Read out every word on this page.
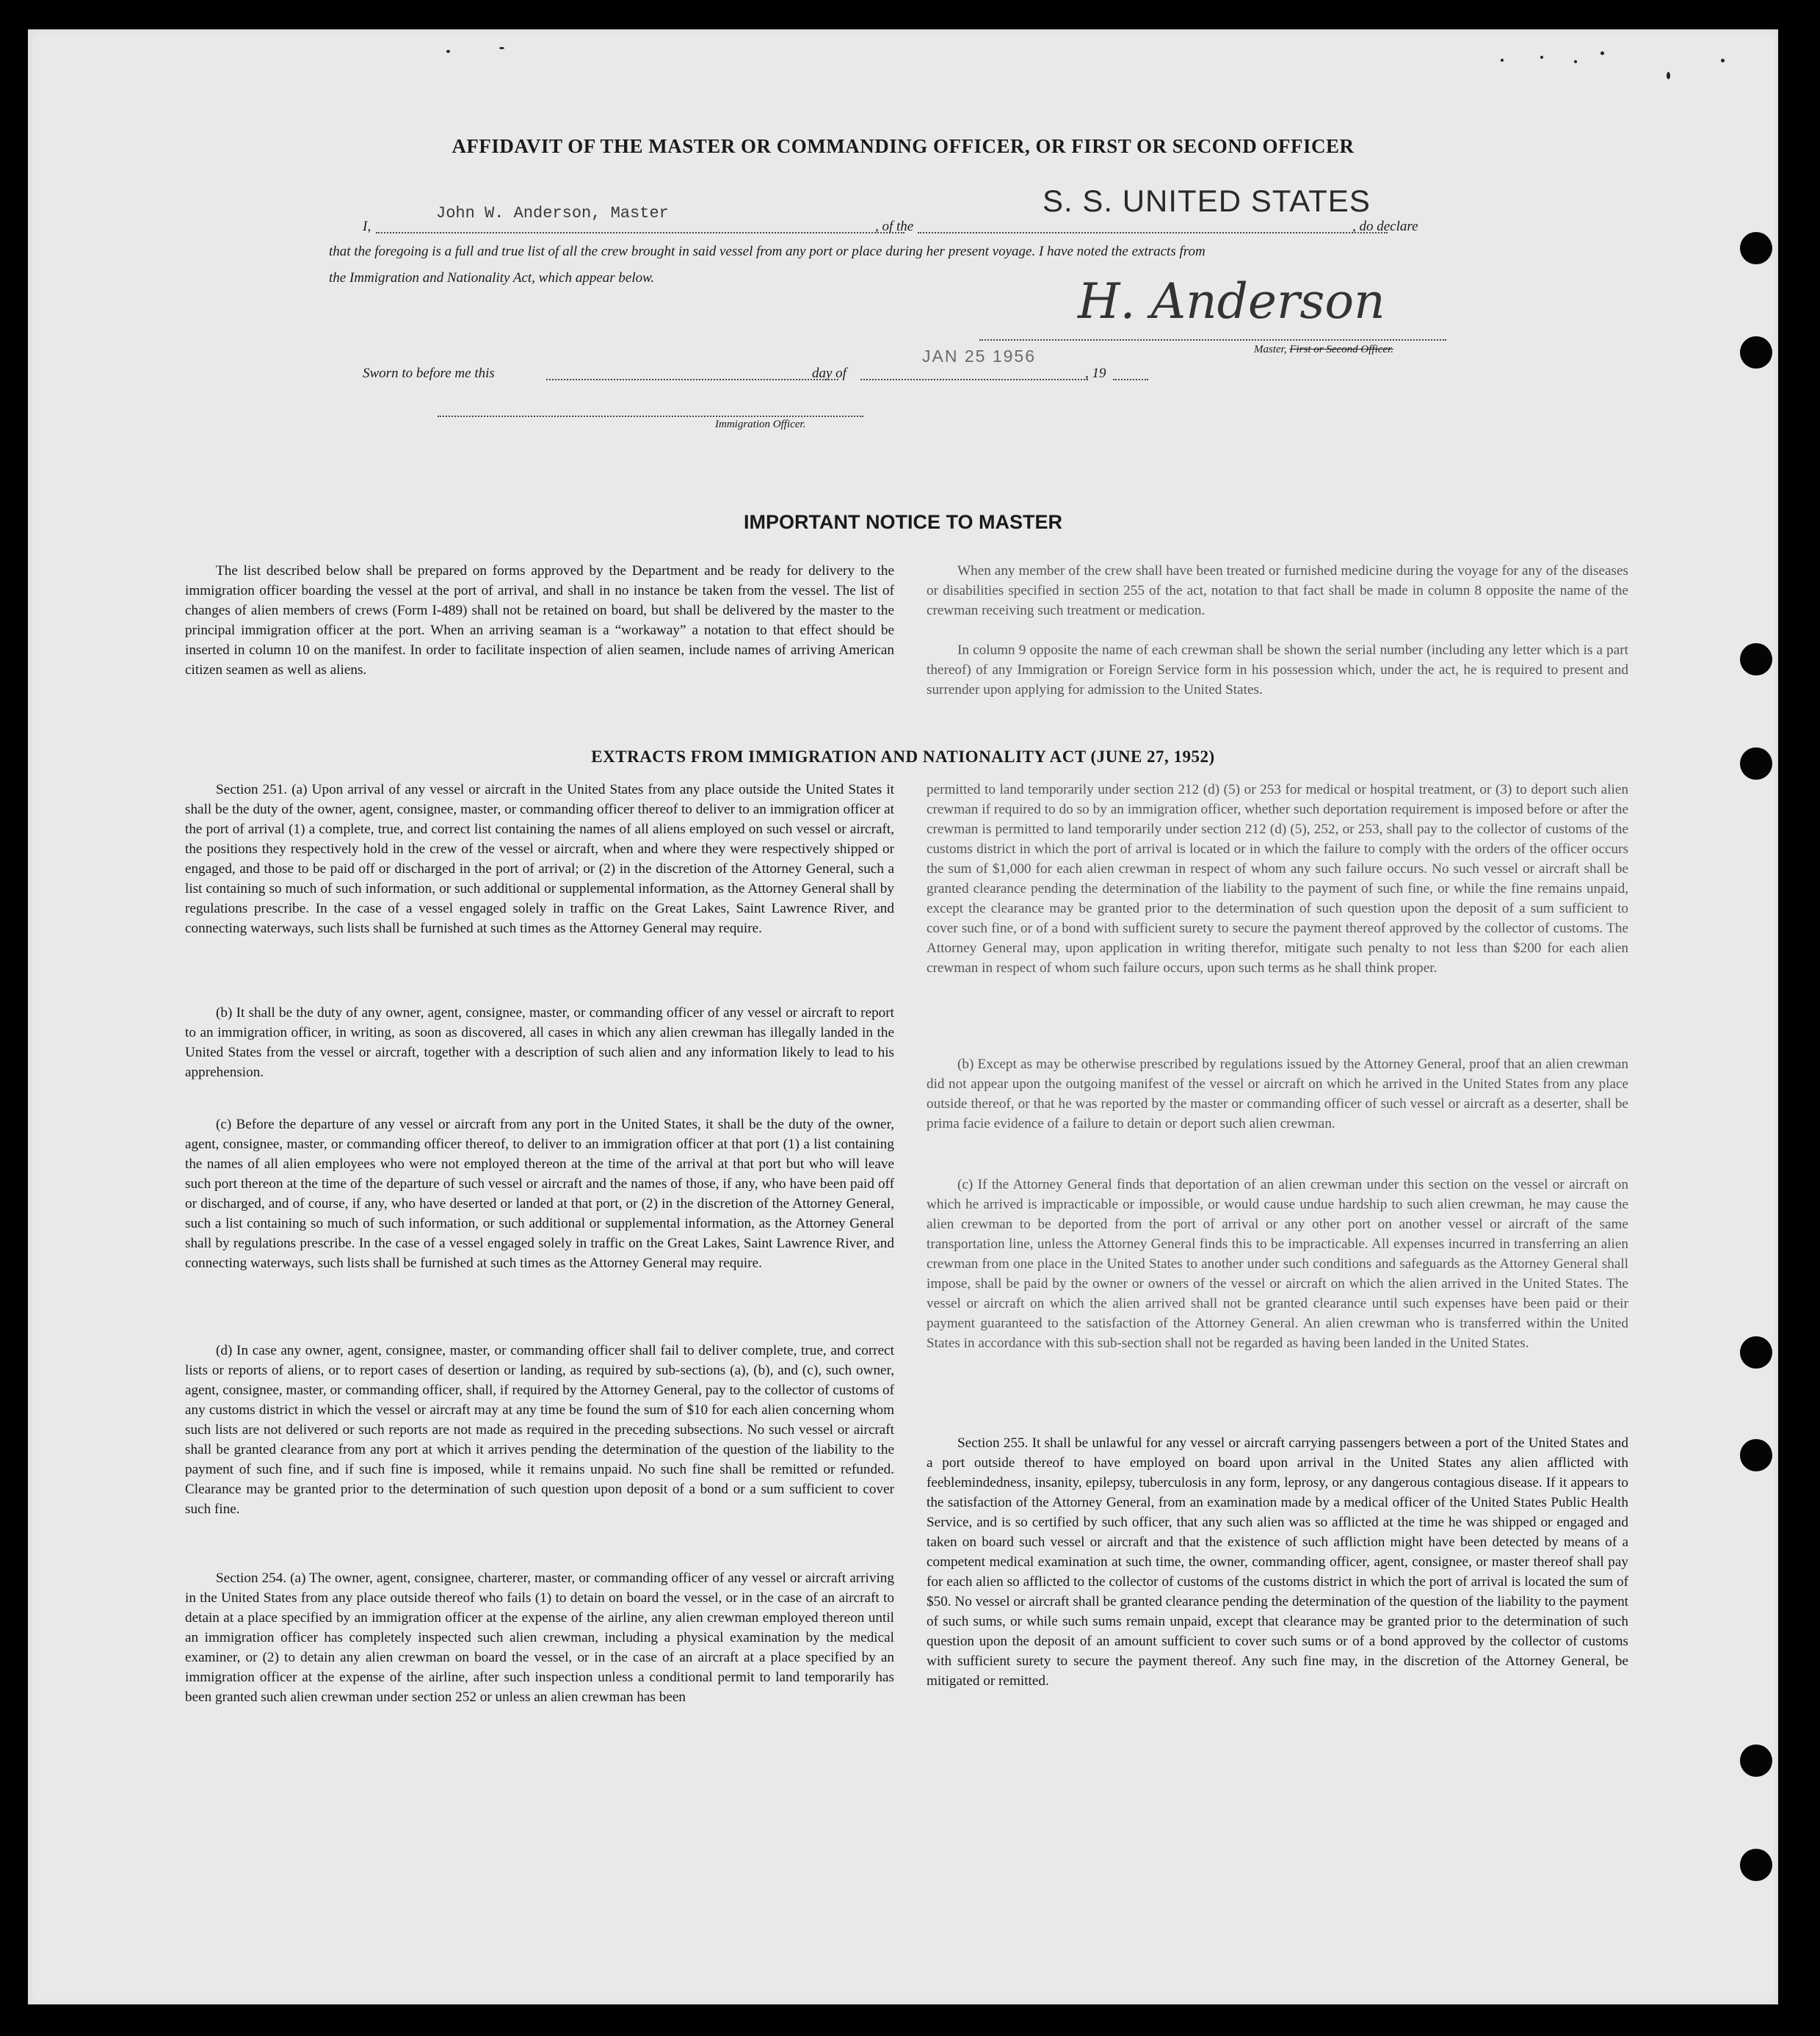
AFFIDAVIT OF THE MASTER OR COMMANDING OFFICER, OR FIRST OR SECOND OFFICER
I,
John W. Anderson, Master
, of the
S. S. UNITED STATES
, do declare
that the foregoing is a full and true list of all the crew brought in said vessel from any port or place during her present voyage. I have noted the extracts from
the Immigration and Nationality Act, which appear below.	H. Anderson
Master, First or Second Officer.
Sworn to before me this	day of
JAN 25 1956
, 19
Immigration Officer.
IMPORTANT NOTICE TO MASTER

The list described below shall be prepared on forms approved by the Department and be ready for delivery to the immigration officer boarding the vessel at the port of arrival, and shall in no instance be taken from the vessel. The list of changes of alien members of crews (Form I-489) shall not be retained on board, but shall be delivered by the master to the principal immigration officer at the port. When an arriving seaman is a “workaway” a notation to that effect should be inserted in column 10 on the manifest. In order to facilitate inspection of alien seamen, include names of arriving American citizen seamen as well as aliens.

When any member of the crew shall have been treated or furnished medicine during the voyage for any of the diseases or disabilities specified in section 255 of the act, notation to that fact shall be made in column 8 opposite the name of the crewman receiving such treatment or medication.

In column 9 opposite the name of each crewman shall be shown the serial number (including any letter which is a part thereof) of any Immigration or Foreign Service form in his possession which, under the act, he is required to present and surrender upon applying for admission to the United States.

EXTRACTS FROM IMMIGRATION AND NATIONALITY ACT (JUNE 27, 1952)

Section 251. (a) Upon arrival of any vessel or aircraft in the United States from any place outside the United States it shall be the duty of the owner, agent, consignee, master, or commanding officer thereof to deliver to an immigration officer at the port of arrival (1) a complete, true, and correct list containing the names of all aliens employed on such vessel or aircraft, the positions they respectively hold in the crew of the vessel or aircraft, when and where they were respectively shipped or engaged, and those to be paid off or discharged in the port of arrival; or (2) in the discretion of the Attorney General, such a list containing so much of such information, or such additional or supplemental information, as the Attorney General shall by regulations prescribe. In the case of a vessel engaged solely in traffic on the Great Lakes, Saint Lawrence River, and connecting waterways, such lists shall be furnished at such times as the Attorney General may require.

(b) It shall be the duty of any owner, agent, consignee, master, or commanding officer of any vessel or aircraft to report to an immigration officer, in writing, as soon as discovered, all cases in which any alien crewman has illegally landed in the United States from the vessel or aircraft, together with a description of such alien and any information likely to lead to his apprehension.

(c) Before the departure of any vessel or aircraft from any port in the United States, it shall be the duty of the owner, agent, consignee, master, or commanding officer thereof, to deliver to an immigration officer at that port (1) a list containing the names of all alien employees who were not employed thereon at the time of the arrival at that port but who will leave such port thereon at the time of the departure of such vessel or aircraft and the names of those, if any, who have been paid off or discharged, and of course, if any, who have deserted or landed at that port, or (2) in the discretion of the Attorney General, such a list containing so much of such information, or such additional or supplemental information, as the Attorney General shall by regulations prescribe. In the case of a vessel engaged solely in traffic on the Great Lakes, Saint Lawrence River, and connecting waterways, such lists shall be furnished at such times as the Attorney General may require.

(d) In case any owner, agent, consignee, master, or commanding officer shall fail to deliver complete, true, and correct lists or reports of aliens, or to report cases of desertion or landing, as required by sub-sections (a), (b), and (c), such owner, agent, consignee, master, or commanding officer, shall, if required by the Attorney General, pay to the collector of customs of any customs district in which the vessel or aircraft may at any time be found the sum of $10 for each alien concerning whom such lists are not delivered or such reports are not made as required in the preceding subsections. No such vessel or aircraft shall be granted clearance from any port at which it arrives pending the determination of the question of the liability to the payment of such fine, and if such fine is imposed, while it remains unpaid. No such fine shall be remitted or refunded. Clearance may be granted prior to the determination of such question upon deposit of a bond or a sum sufficient to cover such fine.

Section 254. (a) The owner, agent, consignee, charterer, master, or commanding officer of any vessel or aircraft arriving in the United States from any place outside thereof who fails (1) to detain on board the vessel, or in the case of an aircraft to detain at a place specified by an immigration officer at the expense of the airline, any alien crewman employed thereon until an immigration officer has completely inspected such alien crewman, including a physical examination by the medical examiner, or (2) to detain any alien crewman on board the vessel, or in the case of an aircraft at a place specified by an immigration officer at the expense of the airline, after such inspection unless a conditional permit to land temporarily has been granted such alien crewman under section 252 or unless an alien crewman has been

permitted to land temporarily under section 212 (d) (5) or 253 for medical or hospital treatment, or (3) to deport such alien crewman if required to do so by an immigration officer, whether such deportation requirement is imposed before or after the crewman is permitted to land temporarily under section 212 (d) (5), 252, or 253, shall pay to the collector of customs of the customs district in which the port of arrival is located or in which the failure to comply with the orders of the officer occurs the sum of $1,000 for each alien crewman in respect of whom any such failure occurs. No such vessel or aircraft shall be granted clearance pending the determination of the liability to the payment of such fine, or while the fine remains unpaid, except the clearance may be granted prior to the determination of such question upon the deposit of a sum sufficient to cover such fine, or of a bond with sufficient surety to secure the payment thereof approved by the collector of customs. The Attorney General may, upon application in writing therefor, mitigate such penalty to not less than $200 for each alien crewman in respect of whom such failure occurs, upon such terms as he shall think proper.

(b) Except as may be otherwise prescribed by regulations issued by the Attorney General, proof that an alien crewman did not appear upon the outgoing manifest of the vessel or aircraft on which he arrived in the United States from any place outside thereof, or that he was reported by the master or commanding officer of such vessel or aircraft as a deserter, shall be prima facie evidence of a failure to detain or deport such alien crewman.

(c) If the Attorney General finds that deportation of an alien crewman under this section on the vessel or aircraft on which he arrived is impracticable or impossible, or would cause undue hardship to such alien crewman, he may cause the alien crewman to be deported from the port of arrival or any other port on another vessel or aircraft of the same transportation line, unless the Attorney General finds this to be impracticable. All expenses incurred in transferring an alien crewman from one place in the United States to another under such conditions and safeguards as the Attorney General shall impose, shall be paid by the owner or owners of the vessel or aircraft on which the alien arrived in the United States. The vessel or aircraft on which the alien arrived shall not be granted clearance until such expenses have been paid or their payment guaranteed to the satisfaction of the Attorney General. An alien crewman who is transferred within the United States in accordance with this sub-section shall not be regarded as having been landed in the United States.

Section 255. It shall be unlawful for any vessel or aircraft carrying passengers between a port of the United States and a port outside thereof to have employed on board upon arrival in the United States any alien afflicted with feeblemindedness, insanity, epilepsy, tuberculosis in any form, leprosy, or any dangerous contagious disease. If it appears to the satisfaction of the Attorney General, from an examination made by a medical officer of the United States Public Health Service, and is so certified by such officer, that any such alien was so afflicted at the time he was shipped or engaged and taken on board such vessel or aircraft and that the existence of such affliction might have been detected by means of a competent medical examination at such time, the owner, commanding officer, agent, consignee, or master thereof shall pay for each alien so afflicted to the collector of customs of the customs district in which the port of arrival is located the sum of $50. No vessel or aircraft shall be granted clearance pending the determination of the question of the liability to the payment of such sums, or while such sums remain unpaid, except that clearance may be granted prior to the determination of such question upon the deposit of an amount sufficient to cover such sums or of a bond approved by the collector of customs with sufficient surety to secure the payment thereof. Any such fine may, in the discretion of the Attorney General, be mitigated or remitted.
